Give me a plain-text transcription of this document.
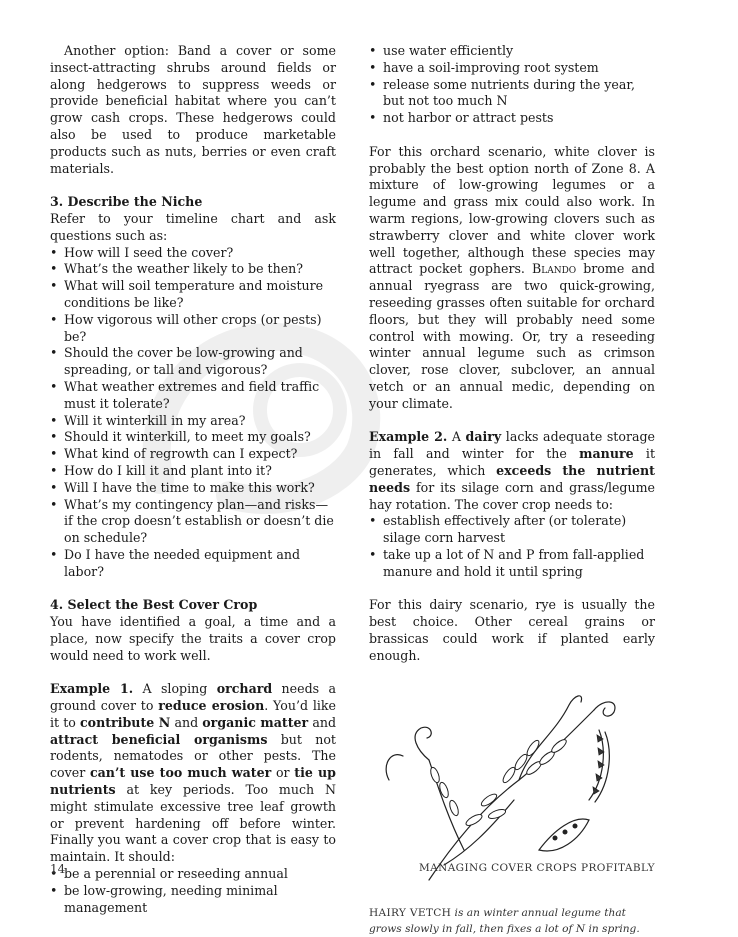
Another option: Band a cover or some insect-attracting shrubs around fields or along hedgerows to suppress weeds or provide beneficial habitat where you can’t grow cash crops. These hedgerows could also be used to produce marketable products such as nuts, berries or even craft materials.

3. Describe the Niche

Refer to your timeline chart and ask questions such as:

• How will I seed the cover?
• What’s the weather likely to be then?
• What will soil temperature and moisture conditions be like?
• How vigorous will other crops (or pests) be?
• Should the cover be low-growing and spreading, or tall and vigorous?
• What weather extremes and field traffic must it tolerate?
• Will it winterkill in my area?
• Should it winterkill, to meet my goals?
• What kind of regrowth can I expect?
• How do I kill it and plant into it?
• Will I have the time to make this work?
• What’s my contingency plan—and risks—if the crop doesn’t establish or doesn’t die on schedule?
• Do I have the needed equipment and labor?
4. Select the Best Cover Crop

You have identified a goal, a time and a place, now specify the traits a cover crop would need to work well.

Example 1. A sloping orchard needs a ground cover to reduce erosion. You’d like it to contribute N and organic matter and attract beneficial organisms but not rodents, nematodes or other pests. The cover can’t use too much water or tie up nutrients at key periods. Too much N might stimulate excessive tree leaf growth or prevent hardening off before winter. Finally you want a cover crop that is easy to maintain. It should:

• be a perennial or reseeding annual
• be low-growing, needing minimal management
• use water efficiently
• have a soil-improving root system
• release some nutrients during the year, but not too much N
• not harbor or attract pests

For this orchard scenario, white clover is probably the best option north of Zone 8. A mixture of low-growing legumes or a legume and grass mix could also work. In warm regions, low-growing clovers such as strawberry clover and white clover work well together, although these species may attract pocket gophers. Blando brome and annual ryegrass are two quick-growing, reseeding grasses often suitable for orchard floors, but they will probably need some control with mowing. Or, try a reseeding winter annual legume such as crimson clover, rose clover, subclover, an annual vetch or an annual medic, depending on your climate.

Example 2. A dairy lacks adequate storage in fall and winter for the manure it generates, which exceeds the nutrient needs for its silage corn and grass/legume hay rotation. The cover crop needs to:

• establish effectively after (or tolerate) silage corn harvest
• take up a lot of N and P from fall-applied manure and hold it until spring

For this dairy scenario, rye is usually the best choice. Other cereal grains or brassicas could work if planted early enough.

HAIRY VETCH is an winter annual legume that grows slowly in fall, then fixes a lot of N in spring.

14	MANAGING COVER CROPS PROFITABLY
